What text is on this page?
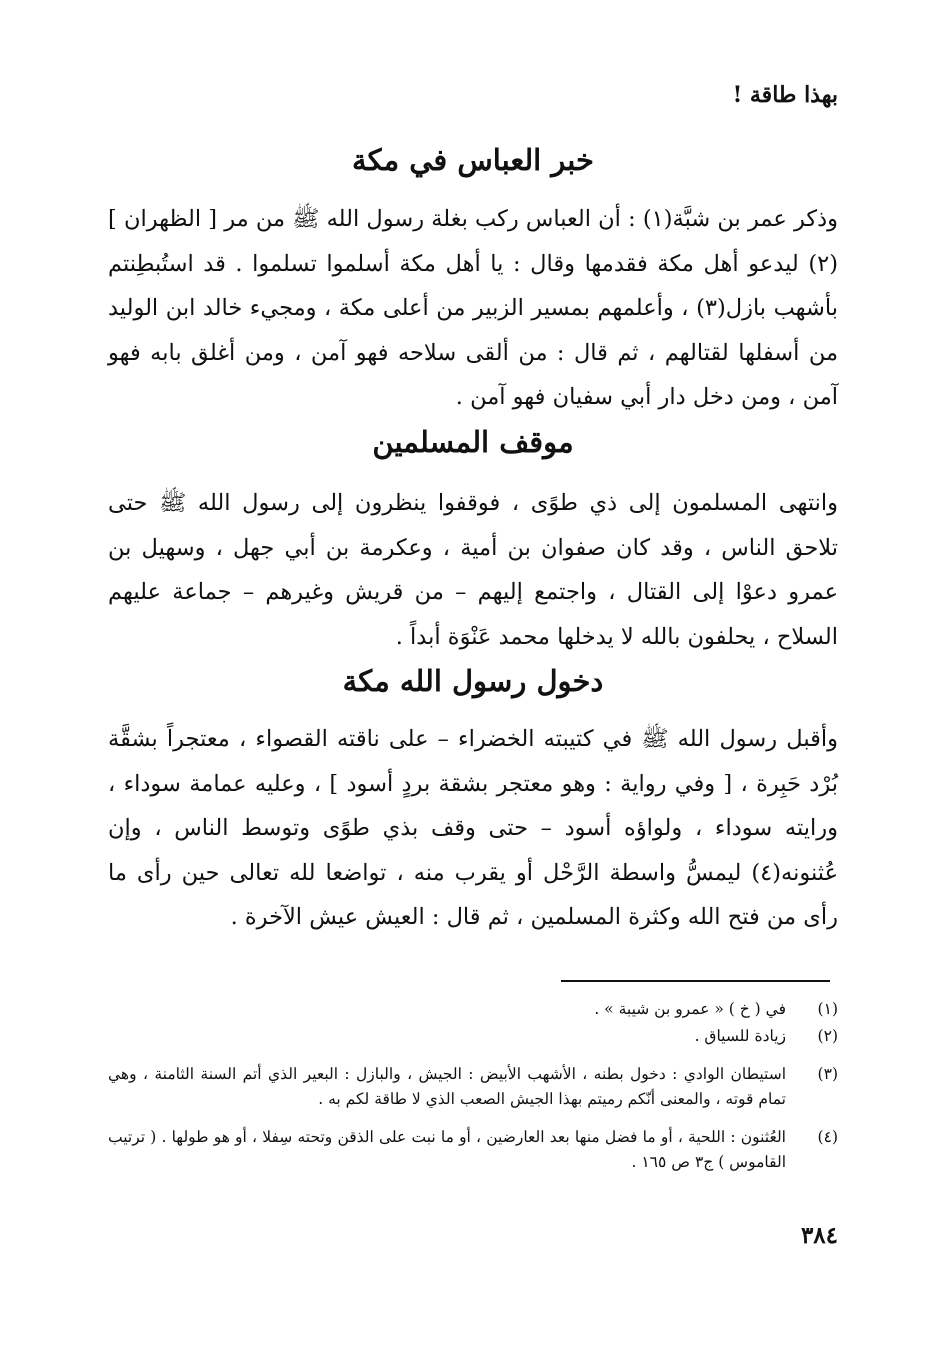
بهذا طاقة !
خبر العباس في مكة
وذكر عمر بن شبَّة(١) : أن العباس ركب بغلة رسول الله ﷺ من مر [ الظهران ](٢) ليدعو أهل مكة فقدمها وقال : يا أهل مكة أسلموا تسلموا . قد استُبطِنتم بأشهب بازل(٣) ، وأعلمهم بمسير الزبير من أعلى مكة ، ومجيء خالد ابن الوليد من أسفلها لقتالهم ، ثم قال : من ألقى سلاحه فهو آمن ، ومن أغلق بابه فهو آمن ، ومن دخل دار أبي سفيان فهو آمن .
موقف المسلمين
وانتهى المسلمون إلى ذي طوًى ، فوقفوا ينظرون إلى رسول الله ﷺ حتى تلاحق الناس ، وقد كان صفوان بن أمية ، وعكرمة بن أبي جهل ، وسهيل بن عمرو دعوْا إلى القتال ، واجتمع إليهم – من قريش وغيرهم – جماعة عليهم السلاح ، يحلفون بالله لا يدخلها محمد عَنْوَة أبداً .
دخول رسول الله مكة
وأقبل رسول الله ﷺ في كتيبته الخضراء – على ناقته القصواء ، معتجراً بشقَّة بُرْد حَبِرة ، [ وفي رواية : وهو معتجر بشقة بردٍ أسود ] ، وعليه عمامة سوداء ، ورايته سوداء ، ولواؤه أسود – حتى وقف بذي طوًى وتوسط الناس ، وإن عُثنونه(٤) ليمسُّ واسطة الرَّحْل أو يقرب منه ، تواضعا لله تعالى حين رأى ما رأى من فتح الله وكثرة المسلمين ، ثم قال : العيش عيش الآخرة .
(١)
في ( خ ) « عمرو بن شيبة » .
(٢)
زيادة للسياق .
(٣)
استيطان الوادي : دخول بطنه ، الأشهب الأبيض : الجيش ، والبازل : البعير الذي أتم السنة الثامنة ، وهي تمام قوته ، والمعنى أنّكم رميتم بهذا الجيش الصعب الذي لا طاقة لكم به .
(٤)
العُثنون : اللحية ، أو ما فضل منها بعد العارضين ، أو ما نبت على الذقن وتحته سِفلا ، أو هو طولها . ( ترتيب القاموس ) ج٣ ص ١٦٥ .
٣٨٤
